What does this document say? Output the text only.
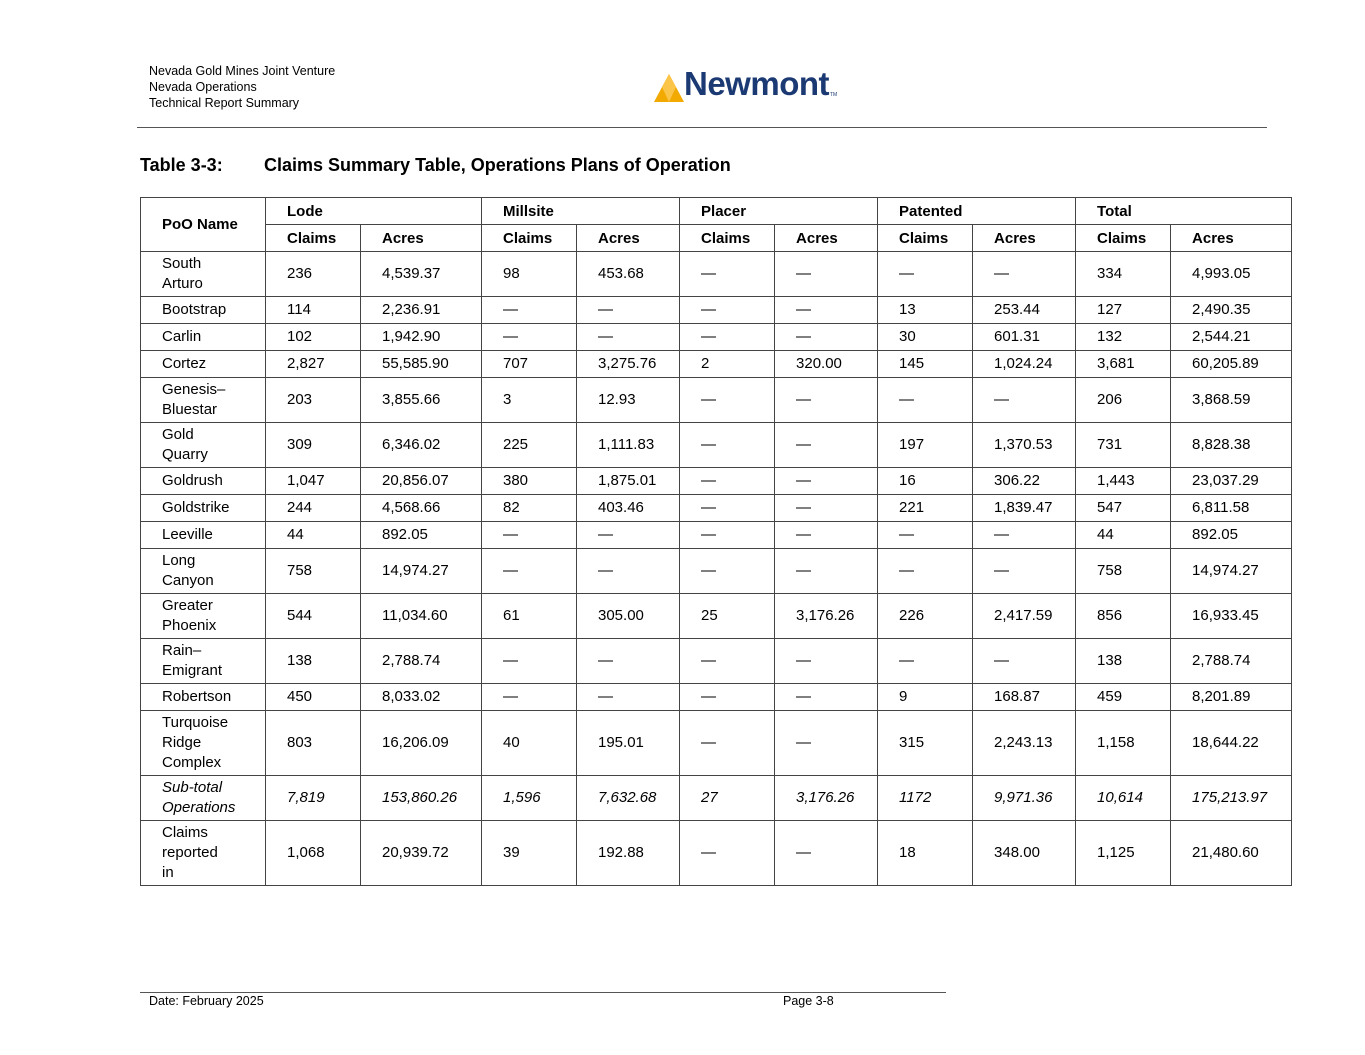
Nevada Gold Mines Joint Venture
Nevada Operations
Technical Report Summary
Newmont TM
Table 3-3: Claims Summary Table, Operations Plans of Operation
PoO Name	Lode		Millsite		Placer		Patented		Total	
	Claims	Acres	Claims	Acres	Claims	Acres	Claims	Acres	Claims	Acres
South
Arturo	236	4,539.37	98	453.68	—	—	—	—	334	4,993.05
Bootstrap	114	2,236.91	—	—	—	—	13	253.44	127	2,490.35
Carlin	102	1,942.90	—	—	—	—	30	601.31	132	2,544.21
Cortez	2,827	55,585.90	707	3,275.76	2	320.00	145	1,024.24	3,681	60,205.89
Genesis–
Bluestar	203	3,855.66	3	12.93	—	—	—	—	206	3,868.59
Gold
Quarry	309	6,346.02	225	1,111.83	—	—	197	1,370.53	731	8,828.38
Goldrush	1,047	20,856.07	380	1,875.01	—	—	16	306.22	1,443	23,037.29
Goldstrike	244	4,568.66	82	403.46	—	—	221	1,839.47	547	6,811.58
Leeville	44	892.05	—	—	—	—	—	—	44	892.05
Long
Canyon	758	14,974.27	—	—	—	—	—	—	758	14,974.27
Greater
Phoenix	544	11,034.60	61	305.00	25	3,176.26	226	2,417.59	856	16,933.45
Rain–
Emigrant	138	2,788.74	—	—	—	—	—	—	138	2,788.74
Robertson	450	8,033.02	—	—	—	—	9	168.87	459	8,201.89
Turquoise
Ridge
Complex	803	16,206.09	40	195.01	—	—	315	2,243.13	1,158	18,644.22
Sub-total
Operations	7,819	153,860.26	1,596	7,632.68	27	3,176.26	1172	9,971.36	10,614	175,213.97
Claims
reported
in	1,068	20,939.72	39	192.88	—	—	18	348.00	1,125	21,480.60
Date: February 2025	Page 3-8
